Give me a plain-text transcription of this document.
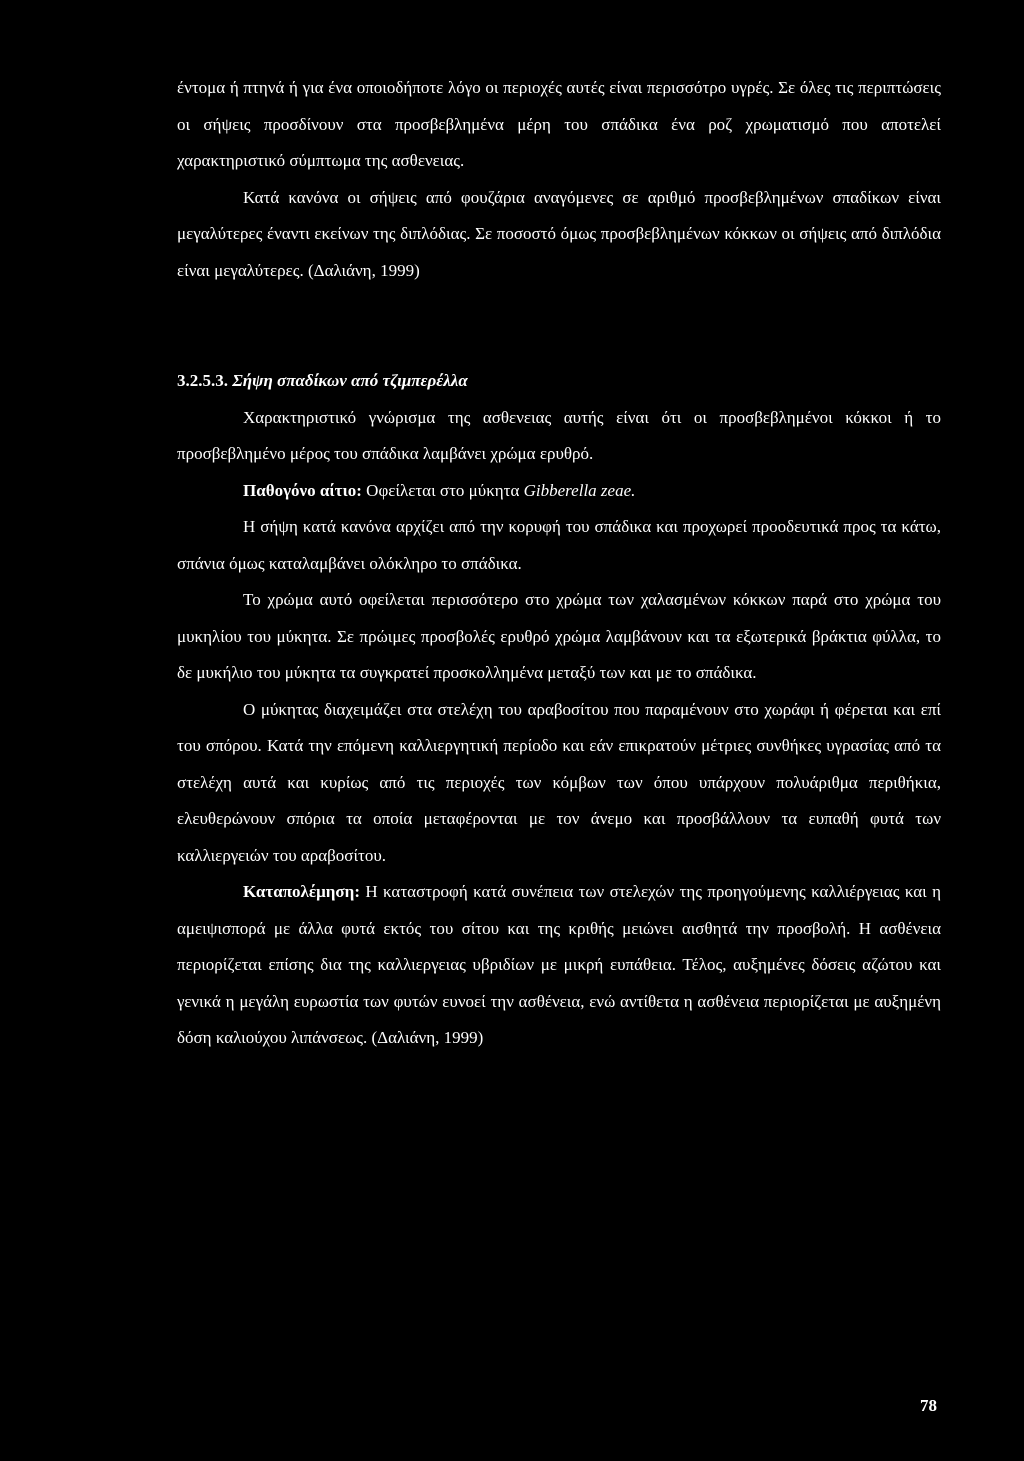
έντομα ή πτηνά ή για ένα οποιοδήποτε λόγο οι περιοχές αυτές είναι περισσότρο υγρές. Σε όλες τις περιπτώσεις οι σήψεις προσδίνουν στα προσβεβλημένα μέρη του σπάδικα ένα ροζ χρωματισμό που αποτελεί χαρακτηριστικό σύμπτωμα της ασθενειας.

Κατά κανόνα οι σήψεις από φουζάρια αναγόμενες σε αριθμό προσβεβλημένων σπαδίκων είναι μεγαλύτερες έναντι εκείνων της διπλόδιας. Σε ποσοστό όμως προσβεβλημένων κόκκων οι σήψεις από διπλόδια είναι μεγαλύτερες. (Δαλιάνη, 1999)

3.2.5.3. Σήψη σπαδίκων από τζιμπερέλλα

Χαρακτηριστικό γνώρισμα της ασθενειας αυτής είναι ότι οι προσβεβλημένοι κόκκοι ή το προσβεβλημένο μέρος του σπάδικα λαμβάνει χρώμα ερυθρό.

Παθογόνο αίτιο: Οφείλεται στο μύκητα Gibberella zeae.

Η σήψη κατά κανόνα αρχίζει από την κορυφή του σπάδικα και προχωρεί προοδευτικά προς τα κάτω, σπάνια όμως καταλαμβάνει ολόκληρο το σπάδικα.

Το χρώμα αυτό οφείλεται περισσότερο στο χρώμα των χαλασμένων κόκκων παρά στο χρώμα του μυκηλίου του μύκητα. Σε πρώιμες προσβολές ερυθρό χρώμα λαμβάνουν και τα εξωτερικά βράκτια φύλλα, το δε μυκήλιο του μύκητα τα συγκρατεί προσκολλημένα μεταξύ των και με το σπάδικα.

Ο μύκητας διαχειμάζει στα στελέχη του αραβοσίτου που παραμένουν στο χωράφι ή φέρεται και επί του σπόρου. Κατά την επόμενη καλλιεργητική περίοδο και εάν επικρατούν μέτριες συνθήκες υγρασίας από τα στελέχη αυτά και κυρίως από τις περιοχές των κόμβων των όπου υπάρχουν πολυάριθμα περιθήκια, ελευθερώνουν σπόρια τα οποία μεταφέρονται με τον άνεμο και προσβάλλουν τα ευπαθή φυτά των καλλιεργειών του αραβοσίτου.

Καταπολέμηση: Η καταστροφή κατά συνέπεια των στελεχών της προηγούμενης καλλιέργειας και η αμειψισπορά με άλλα φυτά εκτός του σίτου και της κριθής μειώνει αισθητά την προσβολή. Η ασθένεια περιορίζεται επίσης δια της καλλιεργειας υβριδίων με μικρή ευπάθεια. Τέλος, αυξημένες δόσεις αζώτου και γενικά η μεγάλη ευρωστία των φυτών ευνοεί την ασθένεια, ενώ αντίθετα η ασθένεια περιορίζεται με αυξημένη δόση καλιούχου λιπάνσεως. (Δαλιάνη, 1999)

78
